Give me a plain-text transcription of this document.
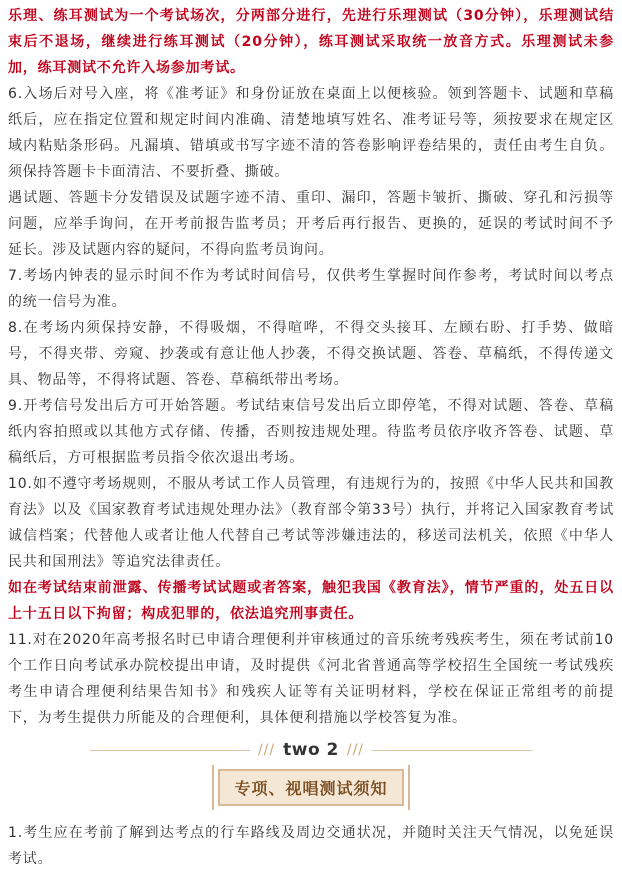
乐理、练耳测试为一个考试场次，分两部分进行，先进行乐理测试（30分钟），乐理测试结束后不退场，继续进行练耳测试（20分钟），练耳测试采取统一放音方式。乐理测试未参加，练耳测试不允许入场参加考试。

6.入场后对号入座，将《准考证》和身份证放在桌面上以便核验。领到答题卡、试题和草稿纸后，应在指定位置和规定时间内准确、清楚地填写姓名、准考证号等，须按要求在规定区域内粘贴条形码。凡漏填、错填或书写字迹不清的答卷影响评卷结果的，责任由考生自负。须保持答题卡卡面清洁、不要折叠、撕破。

遇试题、答题卡分发错误及试题字迹不清、重印、漏印，答题卡皱折、撕破、穿孔和污损等问题，应举手询问，在开考前报告监考员；开考后再行报告、更换的，延误的考试时间不予延长。涉及试题内容的疑问，不得向监考员询问。

7.考场内钟表的显示时间不作为考试时间信号，仅供考生掌握时间作参考，考试时间以考点的统一信号为准。

8.在考场内须保持安静，不得吸烟，不得喧哗，不得交头接耳、左顾右盼、打手势、做暗号，不得夹带、旁窥、抄袭或有意让他人抄袭，不得交换试题、答卷、草稿纸，不得传递文具、物品等，不得将试题、答卷、草稿纸带出考场。

9.开考信号发出后方可开始答题。考试结束信号发出后立即停笔，不得对试题、答卷、草稿纸内容拍照或以其他方式存储、传播，否则按违规处理。待监考员依序收齐答卷、试题、草稿纸后，方可根据监考员指令依次退出考场。

10.如不遵守考场规则，不服从考试工作人员管理，有违规行为的，按照《中华人民共和国教育法》以及《国家教育考试违规处理办法》（教育部令第33号）执行，并将记入国家教育考试诚信档案；代替他人或者让他人代替自己考试等涉嫌违法的，移送司法机关，依照《中华人民共和国刑法》等追究法律责任。

如在考试结束前泄露、传播考试试题或者答案，触犯我国《教育法》，情节严重的，处五日以上十五日以下拘留；构成犯罪的，依法追究刑事责任。

11.对在2020年高考报名时已申请合理便利并审核通过的音乐统考残疾考生，须在考试前10个工作日向考试承办院校提出申请，及时提供《河北省普通高等学校招生全国统一考试残疾考生申请合理便利结果告知书》和残疾人证等有关证明材料，学校在保证正常组考的前提下，为考生提供力所能及的合理便利，具体便利措施以学校答复为准。

/// two 2 ///
专项、视唱测试须知

1.考生应在考前了解到达考点的行车路线及周边交通状况，并随时关注天气情况，以免延误考试。
